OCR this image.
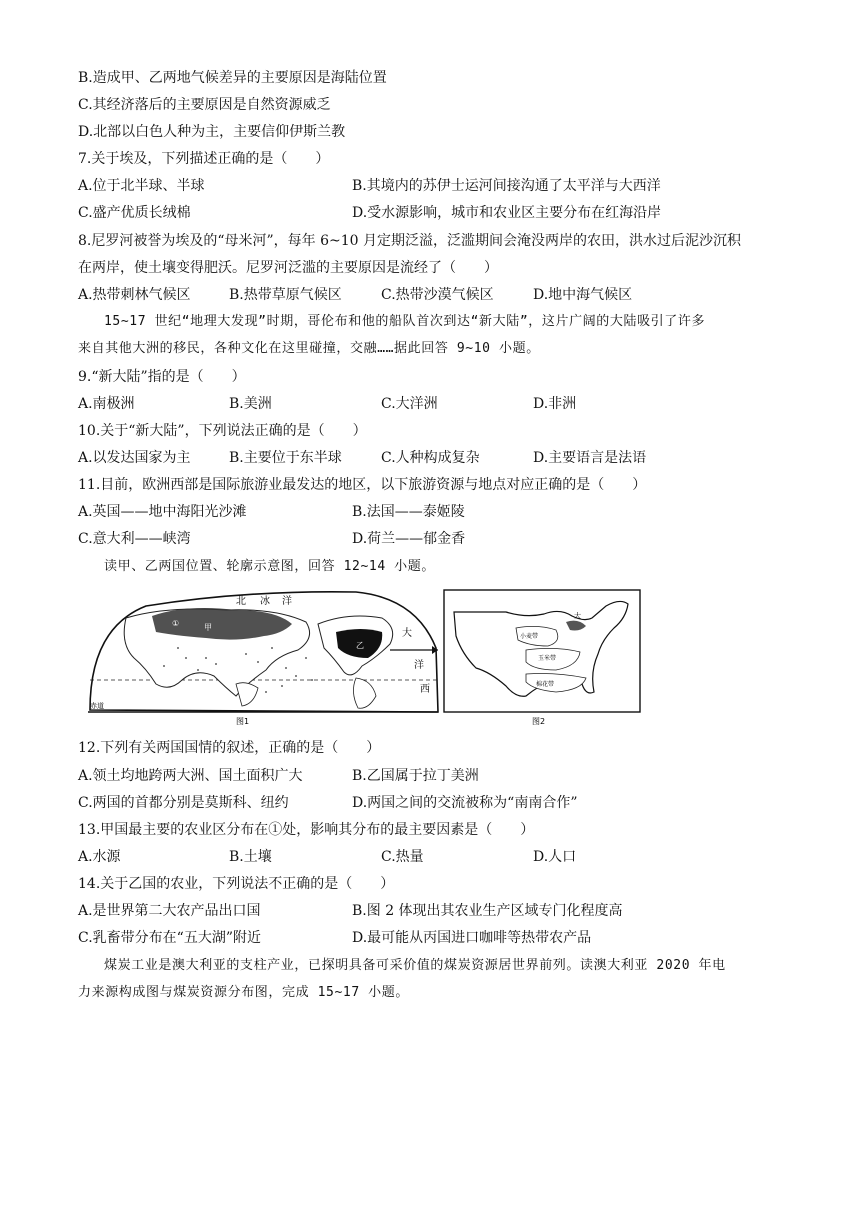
B.造成甲、乙两地气候差异的主要原因是海陆位置
C.其经济落后的主要原因是自然资源威乏
D.北部以白色人种为主，主要信仰伊斯兰教
7.关于埃及，下列描述正确的是（　　）
A.位于北半球、半球	B.其境内的苏伊士运河间接沟通了太平洋与大西洋
C.盛产优质长绒棉	D.受水源影响，城市和农业区主要分布在红海沿岸
8.尼罗河被誉为埃及的“母米河”，每年 6~10 月定期泛溢，泛滥期间会淹没两岸的农田，洪水过后泥沙沉积
在两岸，使土壤变得肥沃。尼罗河泛滥的主要原因是流经了（　　）
A.热带刺林气候区	B.热带草原气候区	C.热带沙漠气候区	D.地中海气候区
15~17 世纪“地理大发现”时期，哥伦布和他的船队首次到达“新大陆”，这片广阔的大陆吸引了许多
来自其他大洲的移民，各种文化在这里碰撞，交融……据此回答 9~10 小题。
9.“新大陆”指的是（　　）
A.南极洲	B.美洲	C.大洋洲	D.非洲
10.关于“新大陆”，下列说法正确的是（　　）
A.以发达国家为主	B.主要位于东半球	C.人种构成复杂	D.主要语言是法语
11.目前，欧洲西部是国际旅游业最发达的地区，以下旅游资源与地点对应正确的是（　　）
A.英国——地中海阳光沙滩	B.法国——泰姬陵
C.意大利——峡湾	D.荷兰——郁金香
读甲、乙两国位置、轮廓示意图，回答 12~14 小题。
北 冰 洋
大
洋
西
甲
乙
①
赤道
图1
小麦带
玉米带
棉花带
大
图2
12.下列有关两国国情的叙述，正确的是（　　）
A.领土均地跨两大洲、国土面积广大	B.乙国属于拉丁美洲
C.两国的首都分别是莫斯科、纽约	D.两国之间的交流被称为“南南合作”
13.甲国最主要的农业区分布在①处，影响其分布的最主要因素是（　　）
A.水源	B.土壤	C.热量	D.人口
14.关于乙国的农业，下列说法不正确的是（　　）
A.是世界第二大农产品出口国	B.图 2 体现出其农业生产区域专门化程度高
C.乳畜带分布在“五大湖”附近	D.最可能从丙国进口咖啡等热带农产品
煤炭工业是澳大利亚的支柱产业，已探明具备可采价值的煤炭资源居世界前列。读澳大利亚 2020 年电
力来源构成图与煤炭资源分布图，完成 15~17 小题。
